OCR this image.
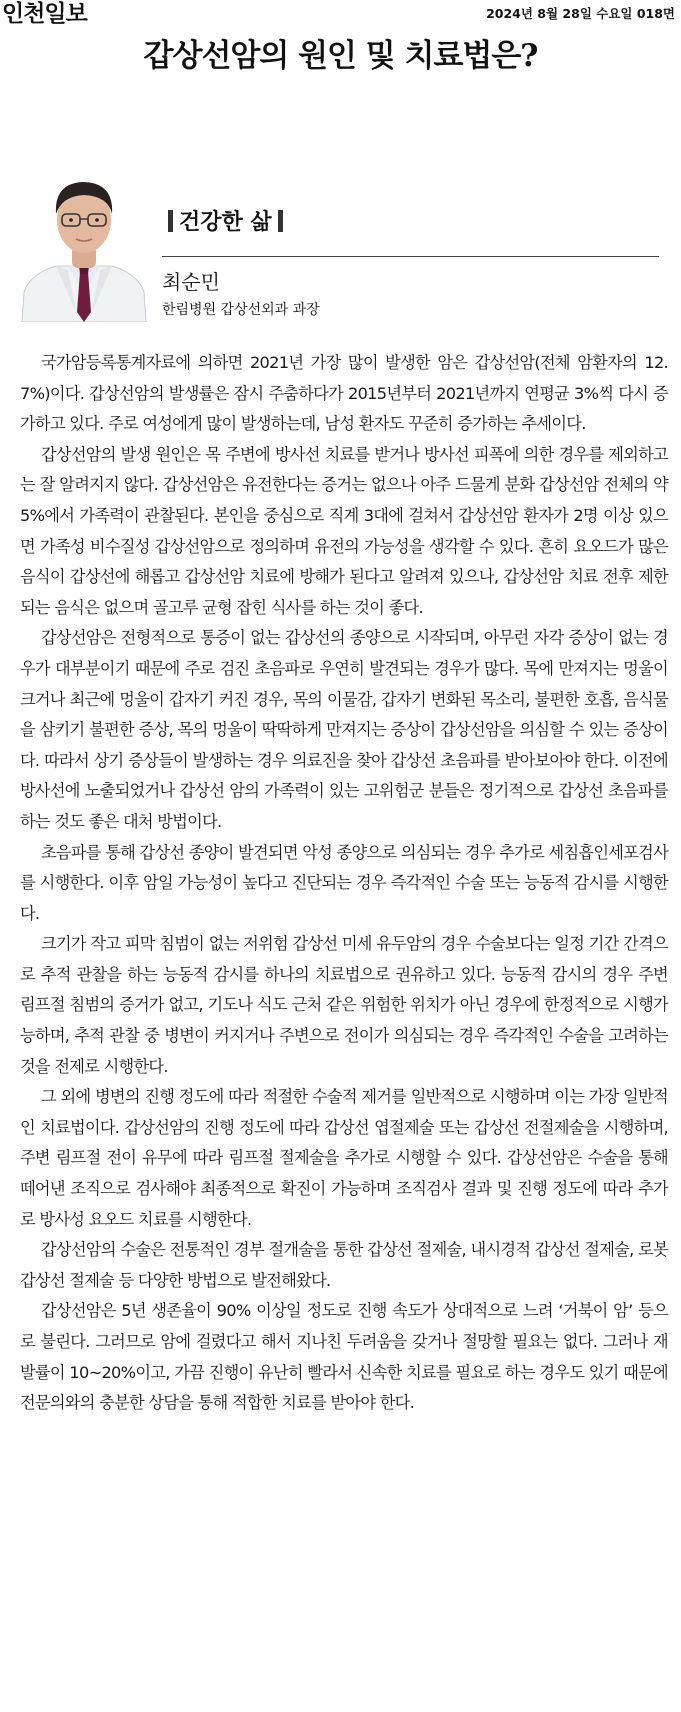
인천일보	2024년 8월 28일 수요일 018면
갑상선암의 원인 및 치료법은?
건강한 삶
최순민
한림병원 갑상선외과 과장

국가암등록통계자료에 의하면 2021년 가장 많이 발생한 암은 갑상선암(전체 암환자의 12.7%)이다. 갑상선암의 발생률은 잠시 주춤하다가 2015년부터 2021년까지 연평균 3%씩 다시 증가하고 있다. 주로 여성에게 많이 발생하는데, 남성 환자도 꾸준히 증가하는 추세이다.

갑상선암의 발생 원인은 목 주변에 방사선 치료를 받거나 방사선 피폭에 의한 경우를 제외하고는 잘 알려지지 않다. 갑상선암은 유전한다는 증거는 없으나 아주 드물게 분화 갑상선암 전체의 약 5%에서 가족력이 관찰된다. 본인을 중심으로 직계 3대에 걸쳐서 갑상선암 환자가 2명 이상 있으면 가족성 비수질성 갑상선암으로 정의하며 유전의 가능성을 생각할 수 있다. 흔히 요오드가 많은 음식이 갑상선에 해롭고 갑상선암 치료에 방해가 된다고 알려져 있으나, 갑상선암 치료 전후 제한되는 음식은 없으며 골고루 균형 잡힌 식사를 하는 것이 좋다.

갑상선암은 전형적으로 통증이 없는 갑상선의 종양으로 시작되며, 아무런 자각 증상이 없는 경우가 대부분이기 때문에 주로 검진 초음파로 우연히 발견되는 경우가 많다. 목에 만져지는 멍울이 크거나 최근에 멍울이 갑자기 커진 경우, 목의 이물감, 갑자기 변화된 목소리, 불편한 호흡, 음식물을 삼키기 불편한 증상, 목의 멍울이 딱딱하게 만져지는 증상이 갑상선암을 의심할 수 있는 증상이다. 따라서 상기 증상들이 발생하는 경우 의료진을 찾아 갑상선 초음파를 받아보아야 한다. 이전에 방사선에 노출되었거나 갑상선 암의 가족력이 있는 고위험군 분들은 정기적으로 갑상선 초음파를 하는 것도 좋은 대처 방법이다.

초음파를 통해 갑상선 종양이 발견되면 악성 종양으로 의심되는 경우 추가로 세침흡인세포검사를 시행한다. 이후 암일 가능성이 높다고 진단되는 경우 즉각적인 수술 또는 능동적 감시를 시행한다.

크기가 작고 피막 침범이 없는 저위험 갑상선 미세 유두암의 경우 수술보다는 일정 기간 간격으로 추적 관찰을 하는 능동적 감시를 하나의 치료법으로 권유하고 있다. 능동적 감시의 경우 주변 림프절 침범의 증거가 없고, 기도나 식도 근처 같은 위험한 위치가 아닌 경우에 한정적으로 시행가능하며, 추적 관찰 중 병변이 커지거나 주변으로 전이가 의심되는 경우 즉각적인 수술을 고려하는 것을 전제로 시행한다.

그 외에 병변의 진행 정도에 따라 적절한 수술적 제거를 일반적으로 시행하며 이는 가장 일반적인 치료법이다. 갑상선암의 진행 정도에 따라 갑상선 엽절제술 또는 갑상선 전절제술을 시행하며, 주변 림프절 전이 유무에 따라 림프절 절제술을 추가로 시행할 수 있다. 갑상선암은 수술을 통해 떼어낸 조직으로 검사해야 최종적으로 확진이 가능하며 조직검사 결과 및 진행 정도에 따라 추가로 방사성 요오드 치료를 시행한다.

갑상선암의 수술은 전통적인 경부 절개술을 통한 갑상선 절제술, 내시경적 갑상선 절제술, 로봇 갑상선 절제술 등 다양한 방법으로 발전해왔다.

갑상선암은 5년 생존율이 90% 이상일 정도로 진행 속도가 상대적으로 느려 ‘거북이 암’ 등으로 불린다. 그러므로 암에 걸렸다고 해서 지나친 두려움을 갖거나 절망할 필요는 없다. 그러나 재발률이 10~20%이고, 가끔 진행이 유난히 빨라서 신속한 치료를 필요로 하는 경우도 있기 때문에 전문의와의 충분한 상담을 통해 적합한 치료를 받아야 한다.
